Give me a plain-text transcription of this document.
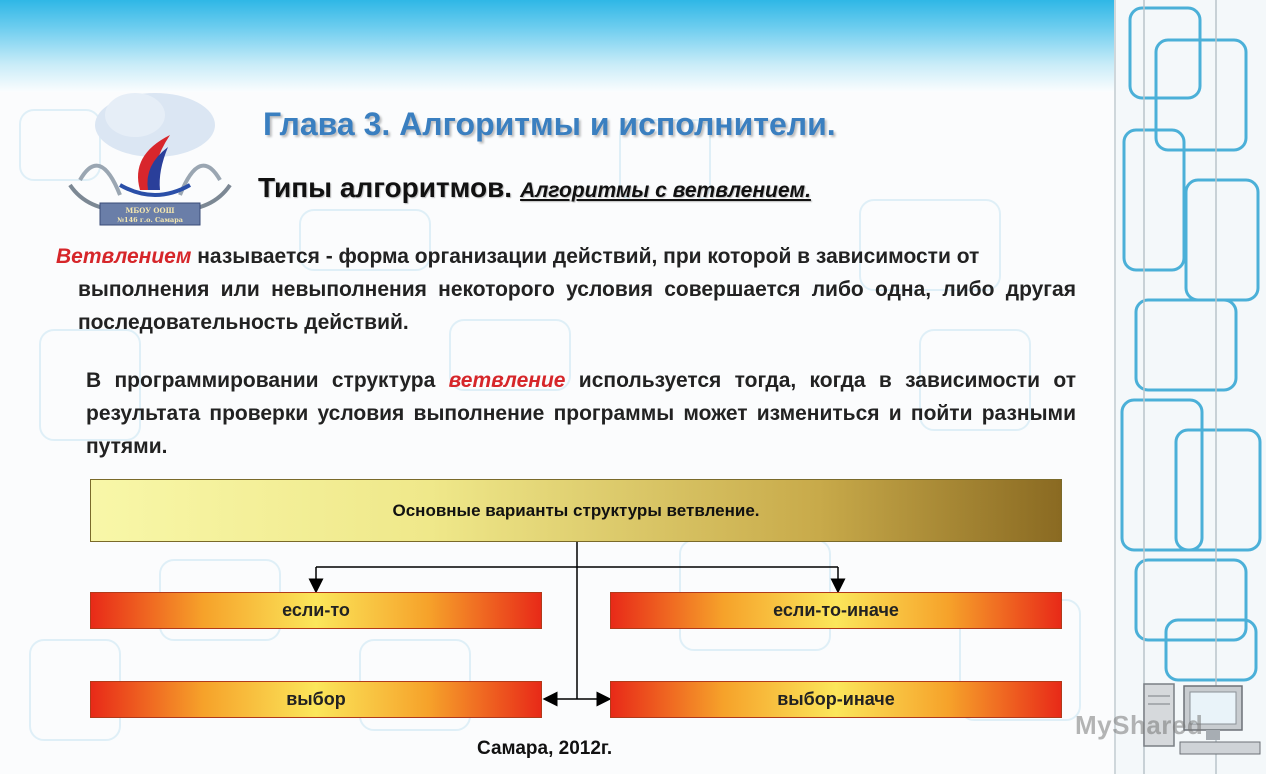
МБОУ ООШ
№146 г.о. Самара
Глава 3. Алгоритмы и исполнители.
Типы алгоритмов. Алгоритмы с ветвлением.
Ветвлением называется - форма организации действий, при которой в зависимости от
выполнения или невыполнения некоторого условия совершается либо одна, либо другая последовательность действий.
В программировании структура ветвление используется тогда, когда в зависимости от результата проверки условия выполнение программы может измениться и пойти разными путями.
Основные варианты структуры ветвление.
если-то	если-то-иначе
выбор	выбор-иначе
Самара, 2012г.
MyShared
